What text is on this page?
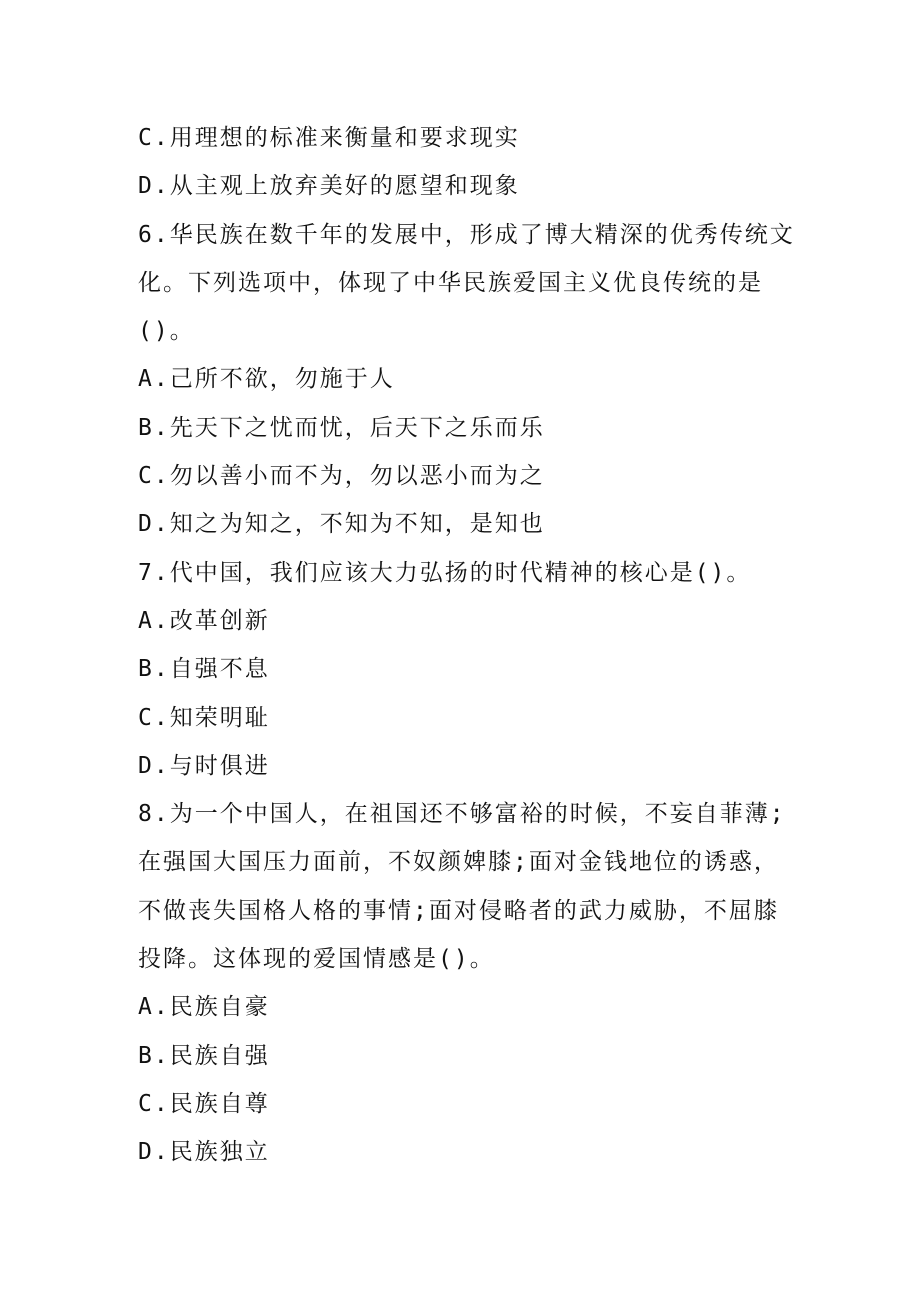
C.用理想的标准来衡量和要求现实
D.从主观上放弃美好的愿望和现象
6.华民族在数千年的发展中，形成了博大精深的优秀传统文
化。下列选项中，体现了中华民族爱国主义优良传统的是
()。
A.己所不欲，勿施于人
B.先天下之忧而忧，后天下之乐而乐
C.勿以善小而不为，勿以恶小而为之
D.知之为知之，不知为不知，是知也
7.代中国，我们应该大力弘扬的时代精神的核心是()。
A.改革创新
B.自强不息
C.知荣明耻
D.与时俱进
8.为一个中国人，在祖国还不够富裕的时候，不妄自菲薄;
在强国大国压力面前，不奴颜婢膝;面对金钱地位的诱惑，
不做丧失国格人格的事情;面对侵略者的武力威胁，不屈膝
投降。这体现的爱国情感是()。
A.民族自豪
B.民族自强
C.民族自尊
D.民族独立
